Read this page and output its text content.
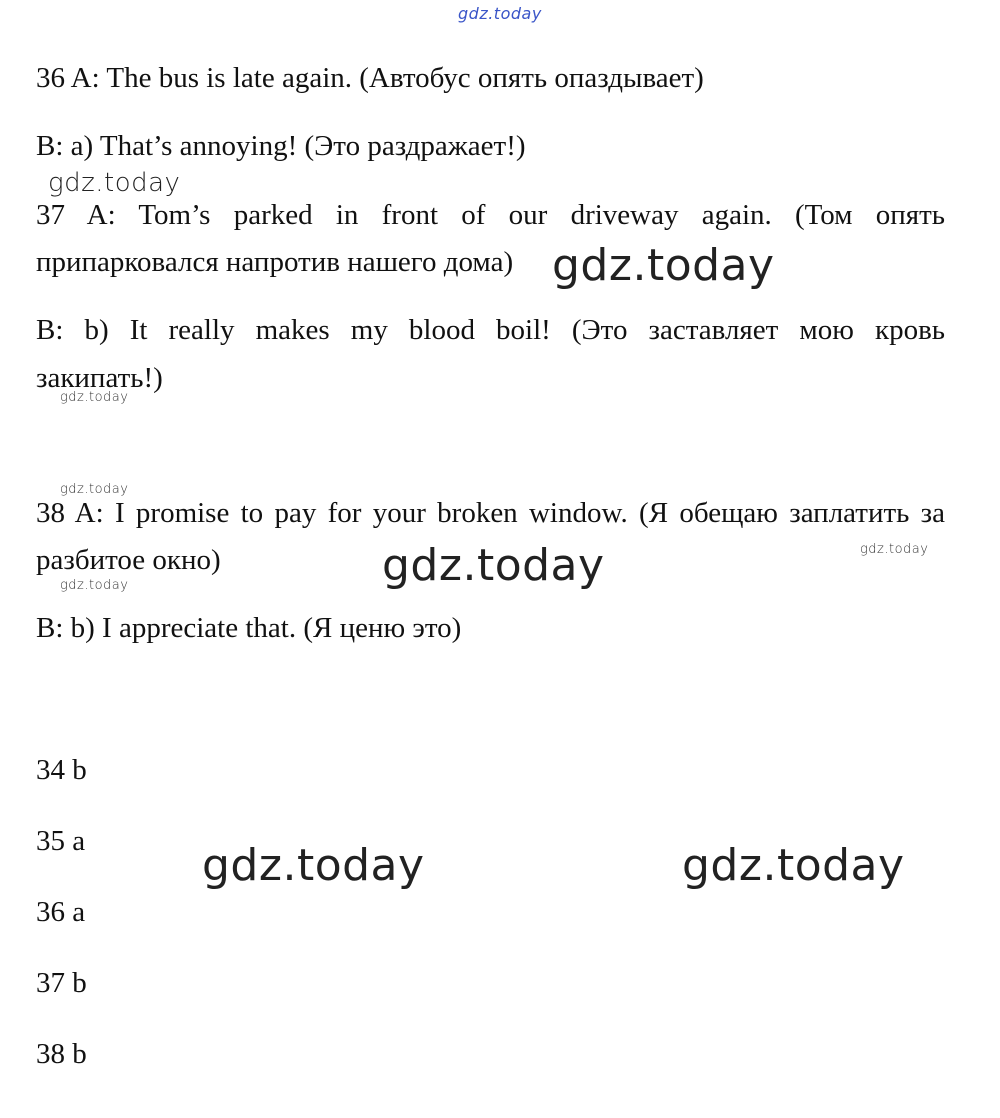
gdz.today
gdz.today
gdz.today
gdz.today
gdz.today
gdz.today	gdz.today
gdz.today
gdz.today	gdz.today
36 A: The bus is late again. (Автобус опять опаздывает)
B: a) That’s annoying! (Это раздражает!)
37 A: Tom’s parked in front of our driveway again. (Том опять
припарковался напротив нашего дома)
B: b) It really makes my blood boil! (Это заставляет мою кровь
закипать!)
38 A: I promise to pay for your broken window. (Я обещаю заплатить за
разбитое окно)
B: b) I appreciate that. (Я ценю это)
34 b
35 a
36 a
37 b
38 b
